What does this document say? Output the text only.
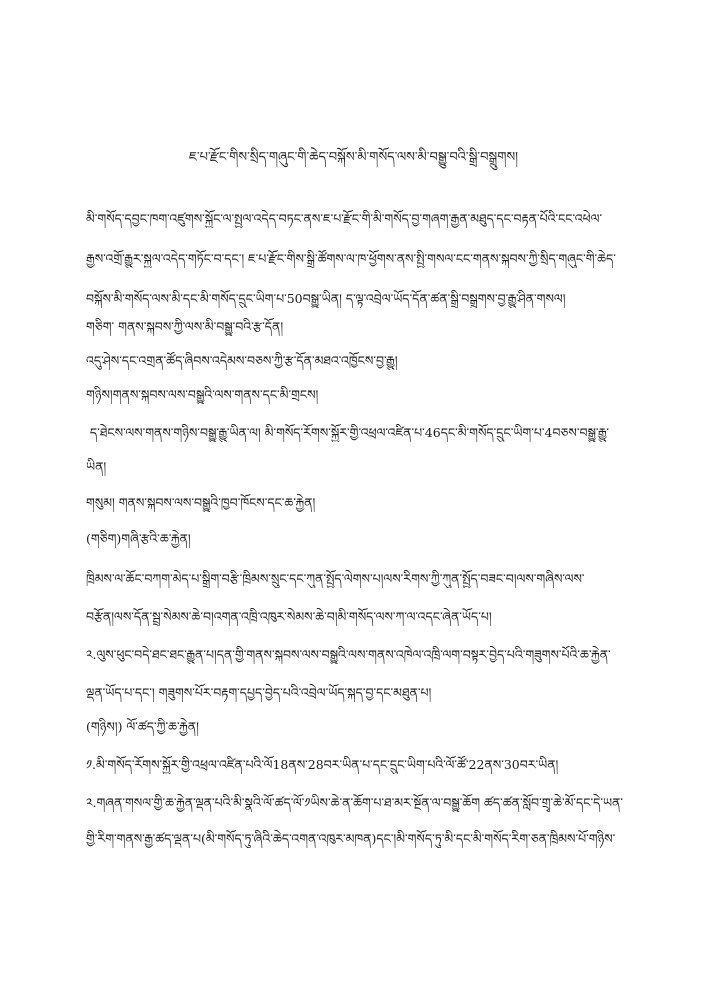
ཇ་པ་རྫོང་གིས་སྲིད་གཞུང་གི་ཆེད་བསྐོས་མི་གསོད་ལས་མི་བསྒྱུ་བའི་སྒྲི་བསྒྲུགས།
མི་གསོད་དབྱང་ཁག་འཛུགས་སྐྱོང་ལ་སྤྱལ་འདེད་བཏང་ནས་ཇ་པ་རྫོང་གི་མི་གསོད་བྱ་གཞག་རྒྱན་མཐུད་དང་བརྟན་པོའི་ངང་འཕེལ་
རྒྱས་འགྲོ་རྒྱུར་སྐྱལ་འདེད་གཏོང་བ་དང་། ཇ་པ་རྫོང་གིས་སྒྲི་ཚོགས་ལ་ཁ་ཕྱོགས་ནས་སྤྱི་གསལ་ངང་གནས་སྐབས་ཀྱི་སྲིད་གཞུང་གི་ཆེད་
བསྐོས་མི་གསོད་ལས་མི་དང་མི་གསོད་དྲུང་ཡིག་པ་50བསྒྱུ་ཡིན། ད་ལྟ་འབྲེལ་ཡོད་དོན་ཚན་སྒྲི་བསྒྲུགས་བྱ་རྒྱུ་ཤིན་གསལ།
གཅིག་ གནས་སྐབས་ཀྱི་ལས་མི་བསྒྱུ་བའི་རྩ་དོན།
འདུ་ཤེས་དང་འགྲན་ཚོད་ཞིབས་འདེམས་བཅས་ཀྱི་རྩ་དོན་མཐའ་འཁྱོངས་བྱ་རྒྱུ།
གཉིས།གནས་སྐབས་ལས་བསྒྱུའི་ལས་གནས་དང་མི་གྲངས།
ད་ཐེངས་ལས་གནས་གཉིས་བསྒྱུ་རྒྱུ་ཡིན་ལ། མི་གསོད་རོགས་སྐྱོར་གྱི་འཕྲལ་འཛིན་པ་46དང་མི་གསོད་དྲུང་ཡིག་པ་4བཅས་བསྒྱུ་རྒྱུ་
ཡིན།
གསུམ། གནས་སྐབས་ལས་བསྒྱུའི་ཁྱབ་ཁོངས་དང་ཆ་རྐྱེན།
(གཅིག)གཞི་རྩའི་ཆ་རྐྱེན།
ཁྲིམས་ལ་ཆོང་བཀག་མེད་པ་སྒྲིག་བརྩི་ཁྲིམས་སྲུང་དང་ཀུན་སྤྱོད་ལེགས་པ།ལས་རིགས་ཀྱི་ཀུན་སྤྱོད་བཟང་བ།ལས་གཞིས་ལས་
བརྩོན།ལས་དོན་སྦྲ་སེམས་ཆེ་བ།འགན་འཁྲི་འཁུར་སེམས་ཆེ་བ།མི་གསོད་ལས་ཀ་ལ་འདང་ཞེན་ཡོད་པ།
༢.ལུས་ཕུང་བདེ་ཐང་ཐང་རྒྱུན་པ།དན་གྱི་གནས་སྐབས་ལས་བསྒྱུའི་ལས་གནས་འཁེལ་འཁྲི་ལག་བསྟར་བྱེད་པའི་གཟུགས་པོའི་ཆ་རྐྱེན་
ལྡན་ཡོད་པ་དང་། གཟུགས་པོར་བརྟག་དཔྱད་བྱེད་པའི་འབྲེལ་ཡོད་སྐད་བྱ་དང་མཐུན་པ།
(གཉིས།) ལོ་ཚད་ཀྱི་ཆ་རྐྱེན།
༡.མི་གསོད་རོགས་སྐྱོར་གྱི་འཕྲལ་འཛིན་པའི་ལོ18ནས་28བར་ཡིན་པ་དང་དྲུང་ཡིག་པའི་ལོ་ཚོ་22ནས་30བར་ཡིན།
༢.གཞན་གསལ་གྱི་ཆ་རྐྱེན་ལྡན་པའི་མི་སྣའི་ལོ་ཚད་ལོ་༡ཡིས་ཆེ་ན་ཆོག་པ་ཐ་མར་སྔོན་ལ་བསྒྱུ་ཆོག ཚད་ཚན་སློབ་གྲྭ་ཆེ་མོ་དང་དེ་ཡན་
གྱི་རིག་གནས་རྒྱ་ཚད་ལྡན་པ(མི་གསོད་ཏུ་ཞིའི་ཆེད་འགན་འཁུར་མཁན)དང་།མི་གསོད་ཏུ་མི་དང་མི་གསོད་རིག་ཅན་ཁྲིམས་པོ་གཉིས་
